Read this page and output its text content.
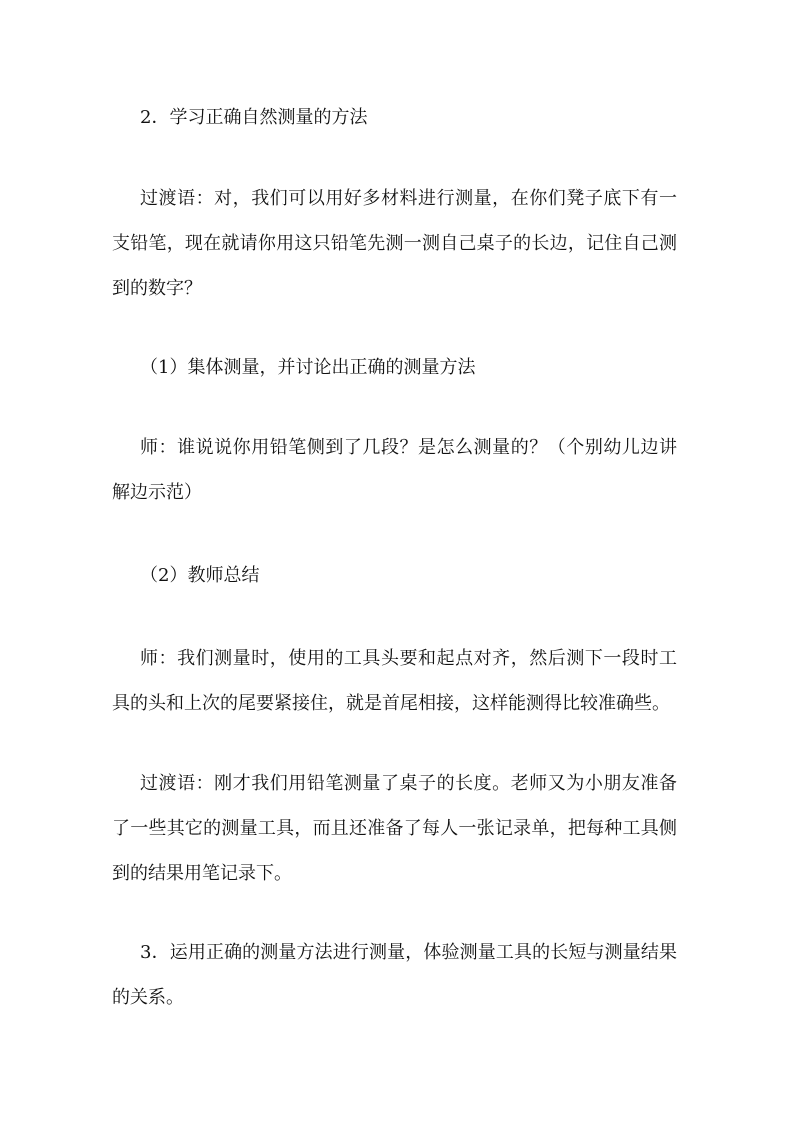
2．学习正确自然测量的方法

过渡语：对，我们可以用好多材料进行测量，在你们凳子底下有一支铅笔，现在就请你用这只铅笔先测一测自己桌子的长边，记住自己测到的数字？

（1）集体测量，并讨论出正确的测量方法

师：谁说说你用铅笔侧到了几段？是怎么测量的？（个别幼儿边讲解边示范）

（2）教师总结

师：我们测量时，使用的工具头要和起点对齐，然后测下一段时工具的头和上次的尾要紧接住，就是首尾相接，这样能测得比较准确些。

过渡语：刚才我们用铅笔测量了桌子的长度。老师又为小朋友准备了一些其它的测量工具，而且还准备了每人一张记录单，把每种工具侧到的结果用笔记录下。

3．运用正确的测量方法进行测量，体验测量工具的长短与测量结果的关系。
